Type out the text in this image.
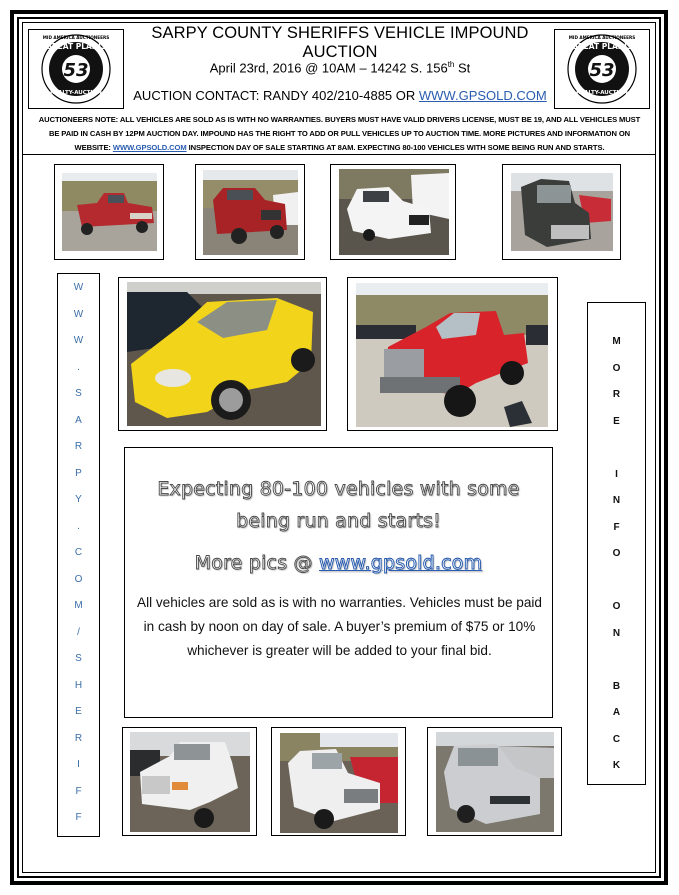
53
GREAT PLAINS
REALTY-AUCTION
MID AMERICA AUCTIONEERS
53
GREAT PLAINS
REALTY-AUCTION
MID AMERICA AUCTIONEERS
SARPY COUNTY SHERIFFS VEHICLE IMPOUND AUCTION
April 23rd, 2016 @ 10AM – 14242 S. 156th St
AUCTION CONTACT: RANDY 402/210-4885 OR WWW.GPSOLD.COM
AUCTIONEERS NOTE: ALL VEHICLES ARE SOLD AS IS WITH NO WARRANTIES. BUYERS MUST HAVE VALID DRIVERS LICENSE, MUST BE 19, AND ALL VEHICLES MUST
BE PAID IN CASH BY 12PM AUCTION DAY. IMPOUND HAS THE RIGHT TO ADD OR PULL VEHICLES UP TO AUCTION TIME. MORE PICTURES AND INFORMATION ON
WEBSITE: WWW.GPSOLD.COM INSPECTION DAY OF SALE STARTING AT 8AM. EXPECTING 80-100 VEHICLES WITH SOME BEING RUN AND STARTS.
W
W
W
.
S
A
R
P
Y
.
C
O
M
/
S
H
E
R
I
F
F
M
O
R
E
I
N
F
O
O
N
B
A
C
K
Expecting 80-100 vehicles with some
being run and starts!
More pics @ www.gpsold.com
All vehicles are sold as is with no warranties. Vehicles must be paid in cash by noon on day of sale. A buyer’s premium of $75 or 10% whichever is greater will be added to your final bid.
